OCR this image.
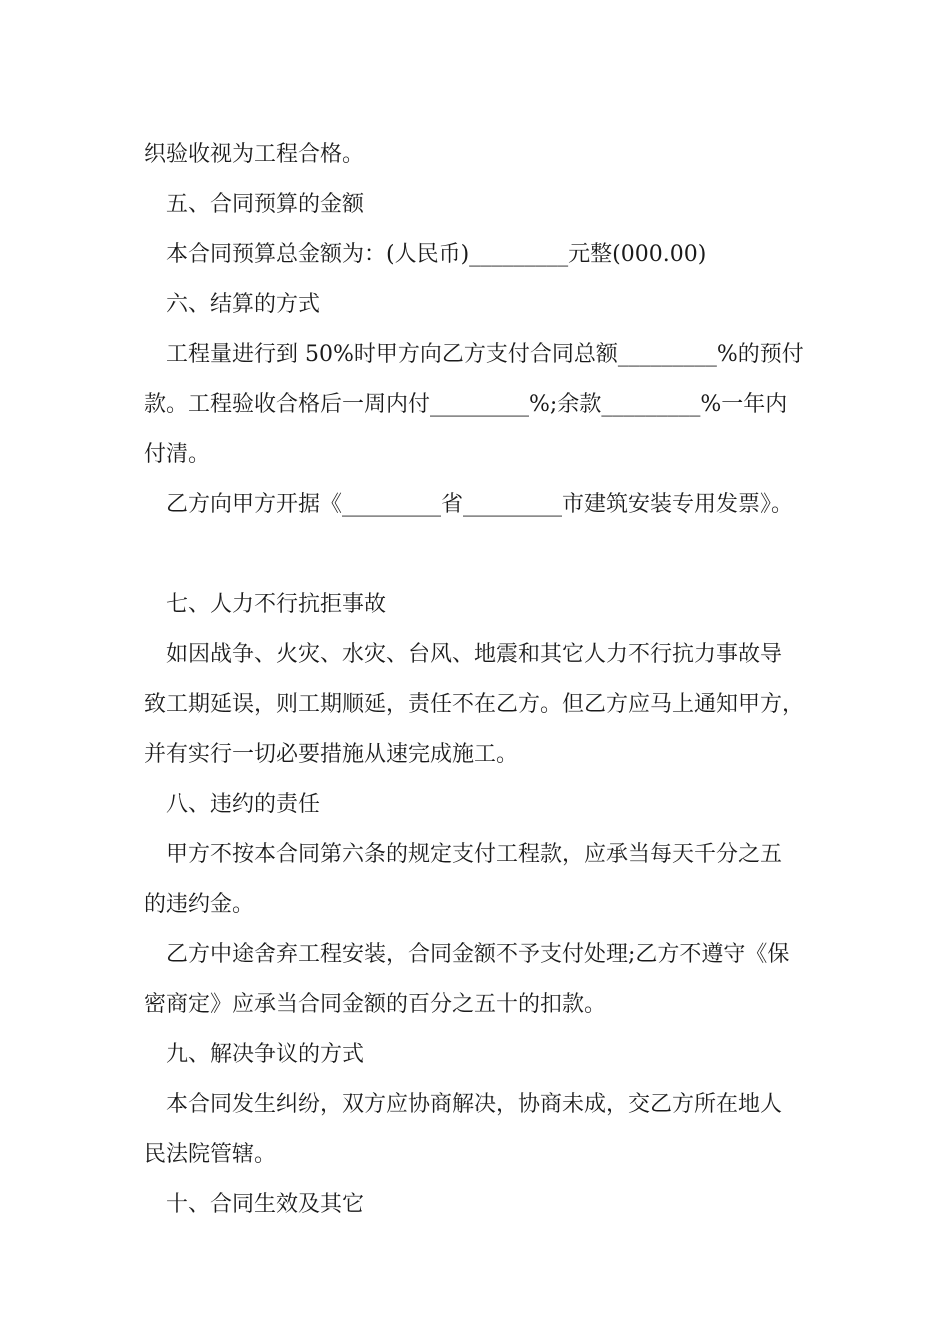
织验收视为工程合格。

五、合同预算的金额

本合同预算总金额为：(人民币)_________元整(000.00)

六、结算的方式

工程量进行到 50%时甲方向乙方支付合同总额_________%的预付

款。工程验收合格后一周内付_________%;余款_________%一年内

付清。

乙方向甲方开据《_________省_________市建筑安装专用发票》。

七、人力不行抗拒事故

如因战争、火灾、水灾、台风、地震和其它人力不行抗力事故导

致工期延误，则工期顺延，责任不在乙方。但乙方应马上通知甲方，

并有实行一切必要措施从速完成施工。

八、违约的责任

甲方不按本合同第六条的规定支付工程款，应承当每天千分之五

的违约金。

乙方中途舍弃工程安装，合同金额不予支付处理;乙方不遵守《保

密商定》应承当合同金额的百分之五十的扣款。

九、解决争议的方式

本合同发生纠纷，双方应协商解决，协商未成，交乙方所在地人

民法院管辖。

十、合同生效及其它
